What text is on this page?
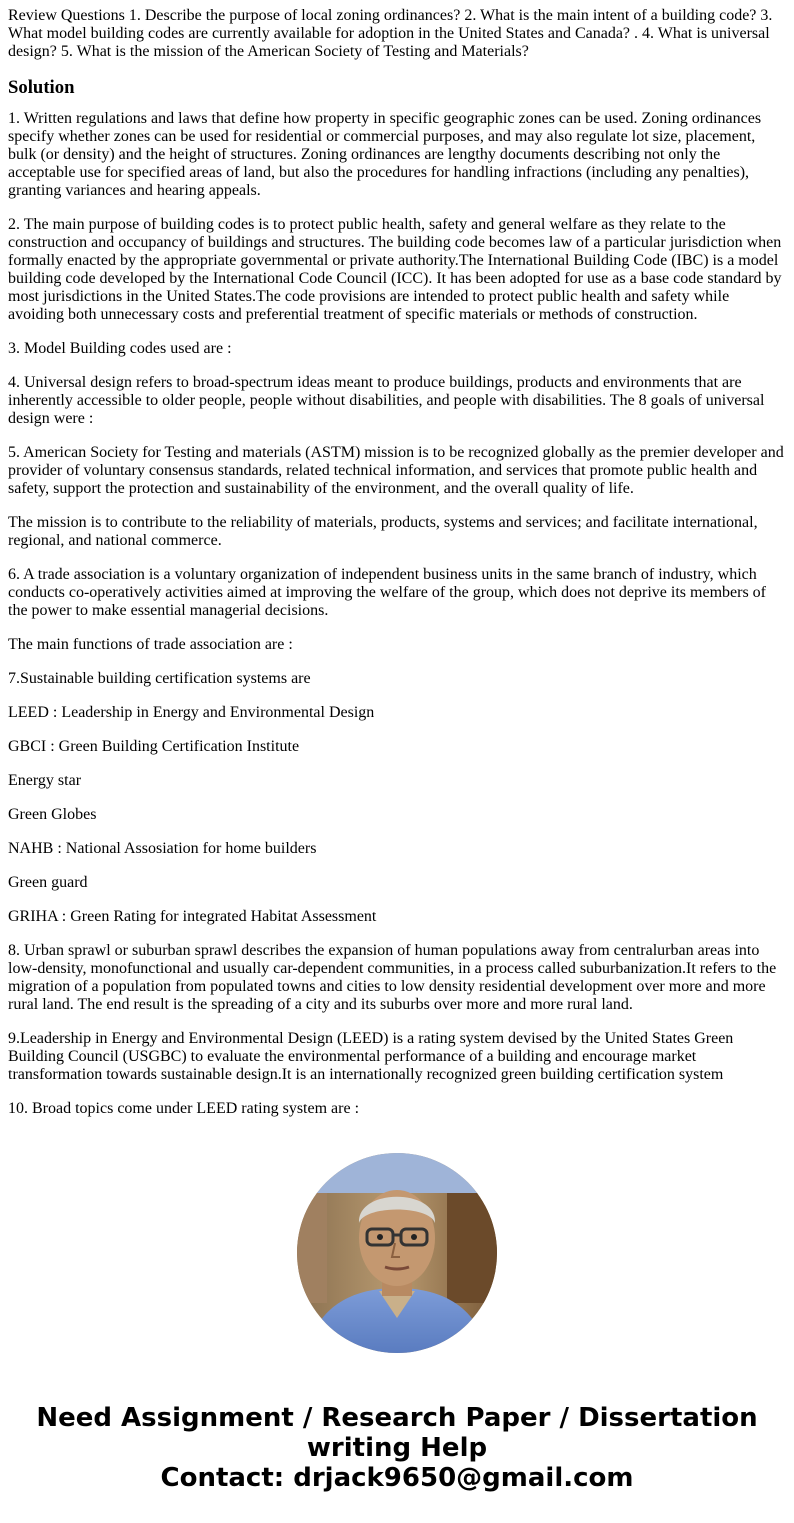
Review Questions 1. Describe the purpose of local zoning ordinances? 2. What is the main intent of a building code? 3. What model building codes are currently available for adoption in the United States and Canada? . 4. What is universal design? 5. What is the mission of the American Society of Testing and Materials?

Solution

1. Written regulations and laws that define how property in specific geographic zones can be used. Zoning ordinances specify whether zones can be used for residential or commercial purposes, and may also regulate lot size, placement, bulk (or density) and the height of structures. Zoning ordinances are lengthy documents describing not only the acceptable use for specified areas of land, but also the procedures for handling infractions (including any penalties), granting variances and hearing appeals.

2. The main purpose of building codes is to protect public health, safety and general welfare as they relate to the construction and occupancy of buildings and structures. The building code becomes law of a particular jurisdiction when formally enacted by the appropriate governmental or private authority.The International Building Code (IBC) is a model building code developed by the International Code Council (ICC). It has been adopted for use as a base code standard by most jurisdictions in the United States.The code provisions are intended to protect public health and safety while avoiding both unnecessary costs and preferential treatment of specific materials or methods of construction.

3. Model Building codes used are :

4. Universal design refers to broad-spectrum ideas meant to produce buildings, products and environments that are inherently accessible to older people, people without disabilities, and people with disabilities. The 8 goals of universal design were :

5. American Society for Testing and materials (ASTM) mission is to be recognized globally as the premier developer and provider of voluntary consensus standards, related technical information, and services that promote public health and safety, support the protection and sustainability of the environment, and the overall quality of life.

The mission is to contribute to the reliability of materials, products, systems and services; and facilitate international, regional, and national commerce.

6. A trade association is a voluntary organization of independent business units in the same branch of industry, which conducts co-operatively activities aimed at improving the welfare of the group, which does not deprive its members of the power to make essential managerial decisions.

The main functions of trade association are :

7.Sustainable building certification systems are

LEED : Leadership in Energy and Environmental Design

GBCI : Green Building Certification Institute

Energy star

Green Globes

NAHB : National Assosiation for home builders

Green guard

GRIHA : Green Rating for integrated Habitat Assessment

8. Urban sprawl or suburban sprawl describes the expansion of human populations away from centralurban areas into low-density, monofunctional and usually car-dependent communities, in a process called suburbanization.It refers to the migration of a population from populated towns and cities to low density residential development over more and more rural land. The end result is the spreading of a city and its suburbs over more and more rural land.

9.Leadership in Energy and Environmental Design (LEED) is a rating system devised by the United States Green Building Council (USGBC) to evaluate the environmental performance of a building and encourage market transformation towards sustainable design.It is an internationally recognized green building certification system

10. Broad topics come under LEED rating system are :

Need Assignment / Research Paper / Dissertation
writing Help
Contact: drjack9650@gmail.com
